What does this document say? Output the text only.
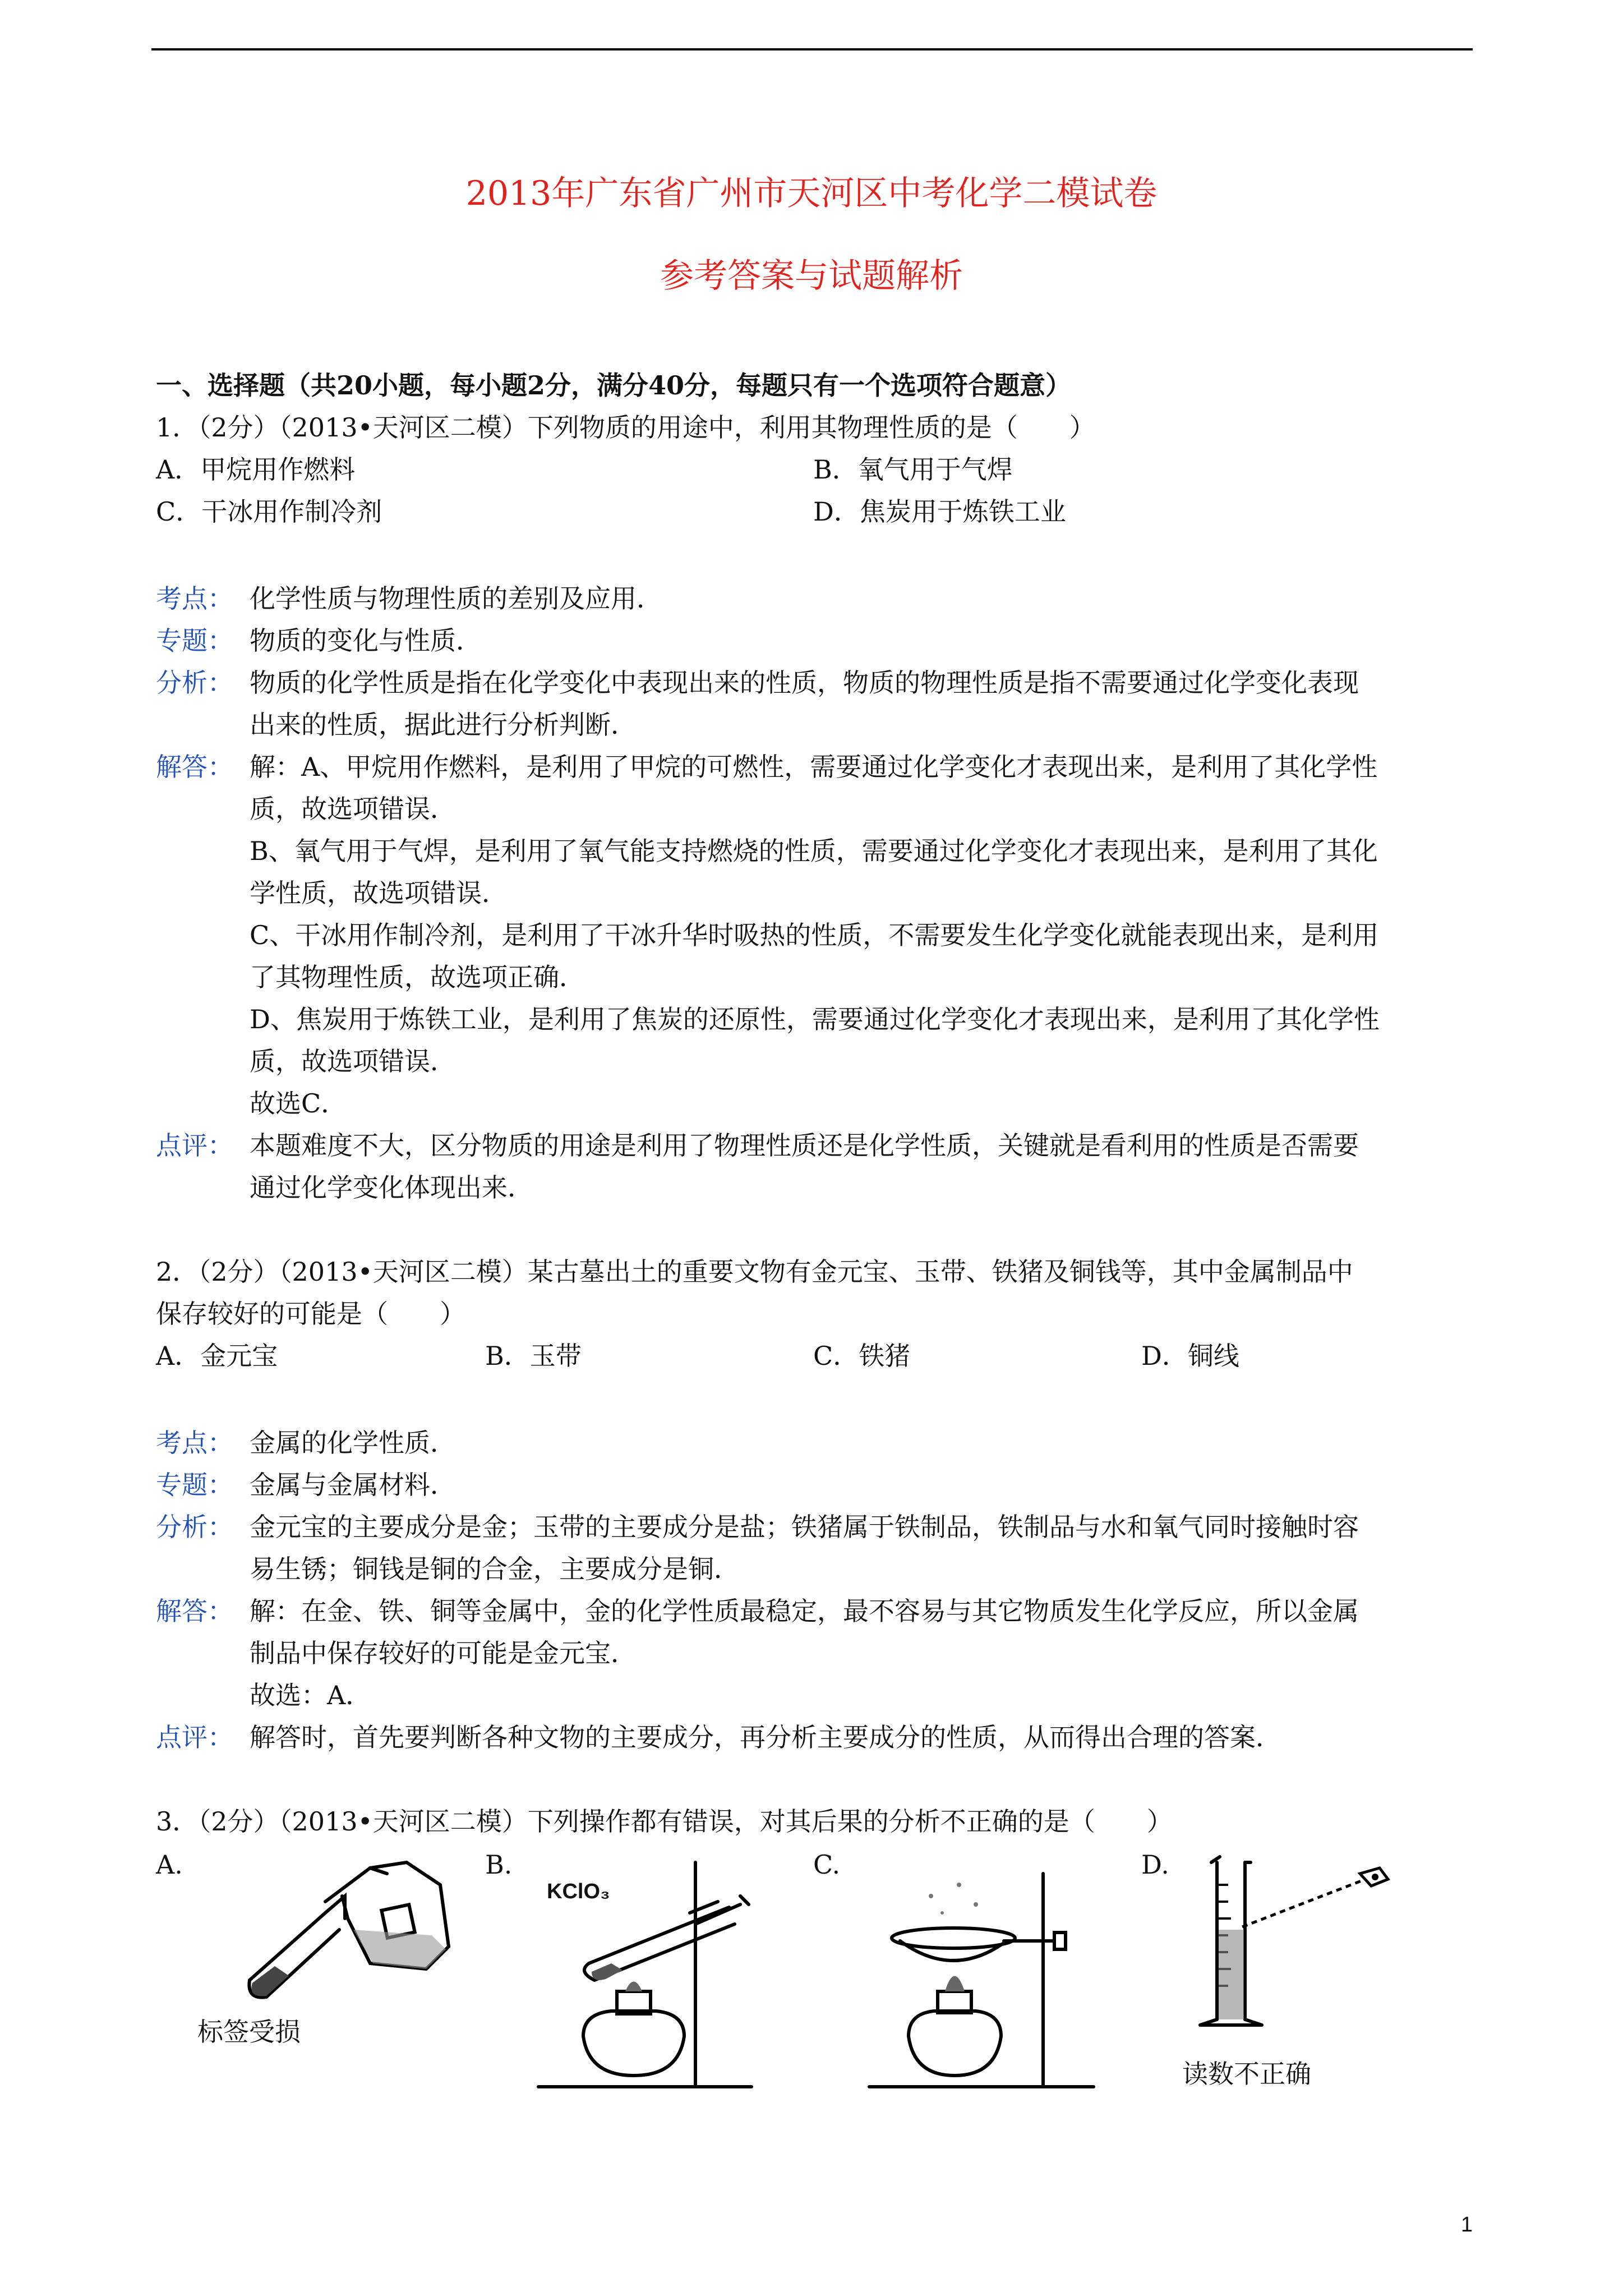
2013年广东省广州市天河区中考化学二模试卷
参考答案与试题解析
一、选择题（共20小题，每小题2分，满分40分，每题只有一个选项符合题意）
1．（2分）（2013•天河区二模）下列物质的用途中，利用其物理性质的是（　　）
A．甲烷用作燃料	B．氧气用于气焊
C．干冰用作制冷剂	D．焦炭用于炼铁工业
考点： 化学性质与物理性质的差别及应用．
专题： 物质的变化与性质．
分析： 物质的化学性质是指在化学变化中表现出来的性质，物质的物理性质是指不需要通过化学变化表现
出来的性质，据此进行分析判断．
解答： 解：A、甲烷用作燃料，是利用了甲烷的可燃性，需要通过化学变化才表现出来，是利用了其化学性
质，故选项错误．
B、氧气用于气焊，是利用了氧气能支持燃烧的性质，需要通过化学变化才表现出来，是利用了其化
学性质，故选项错误．
C、干冰用作制冷剂，是利用了干冰升华时吸热的性质，不需要发生化学变化就能表现出来，是利用
了其物理性质，故选项正确．
D、焦炭用于炼铁工业，是利用了焦炭的还原性，需要通过化学变化才表现出来，是利用了其化学性
质，故选项错误．
故选C．
点评： 本题难度不大，区分物质的用途是利用了物理性质还是化学性质，关键就是看利用的性质是否需要
通过化学变化体现出来．
2．（2分）（2013•天河区二模）某古墓出土的重要文物有金元宝、玉带、铁猪及铜钱等，其中金属制品中
保存较好的可能是（　　）
A．金元宝	B．玉带	C．铁猪	D．铜线
考点： 金属的化学性质．
专题： 金属与金属材料．
分析： 金元宝的主要成分是金；玉带的主要成分是盐；铁猪属于铁制品，铁制品与水和氧气同时接触时容
易生锈；铜钱是铜的合金，主要成分是铜．
解答： 解：在金、铁、铜等金属中，金的化学性质最稳定，最不容易与其它物质发生化学反应，所以金属
制品中保存较好的可能是金元宝．
故选：A．
点评： 解答时，首先要判断各种文物的主要成分，再分析主要成分的性质，从而得出合理的答案．
3．（2分）（2013•天河区二模）下列操作都有错误，对其后果的分析不正确的是（　　）
A.	B.	C.	D.
标签受损
KClO₃
读数不正确
1
